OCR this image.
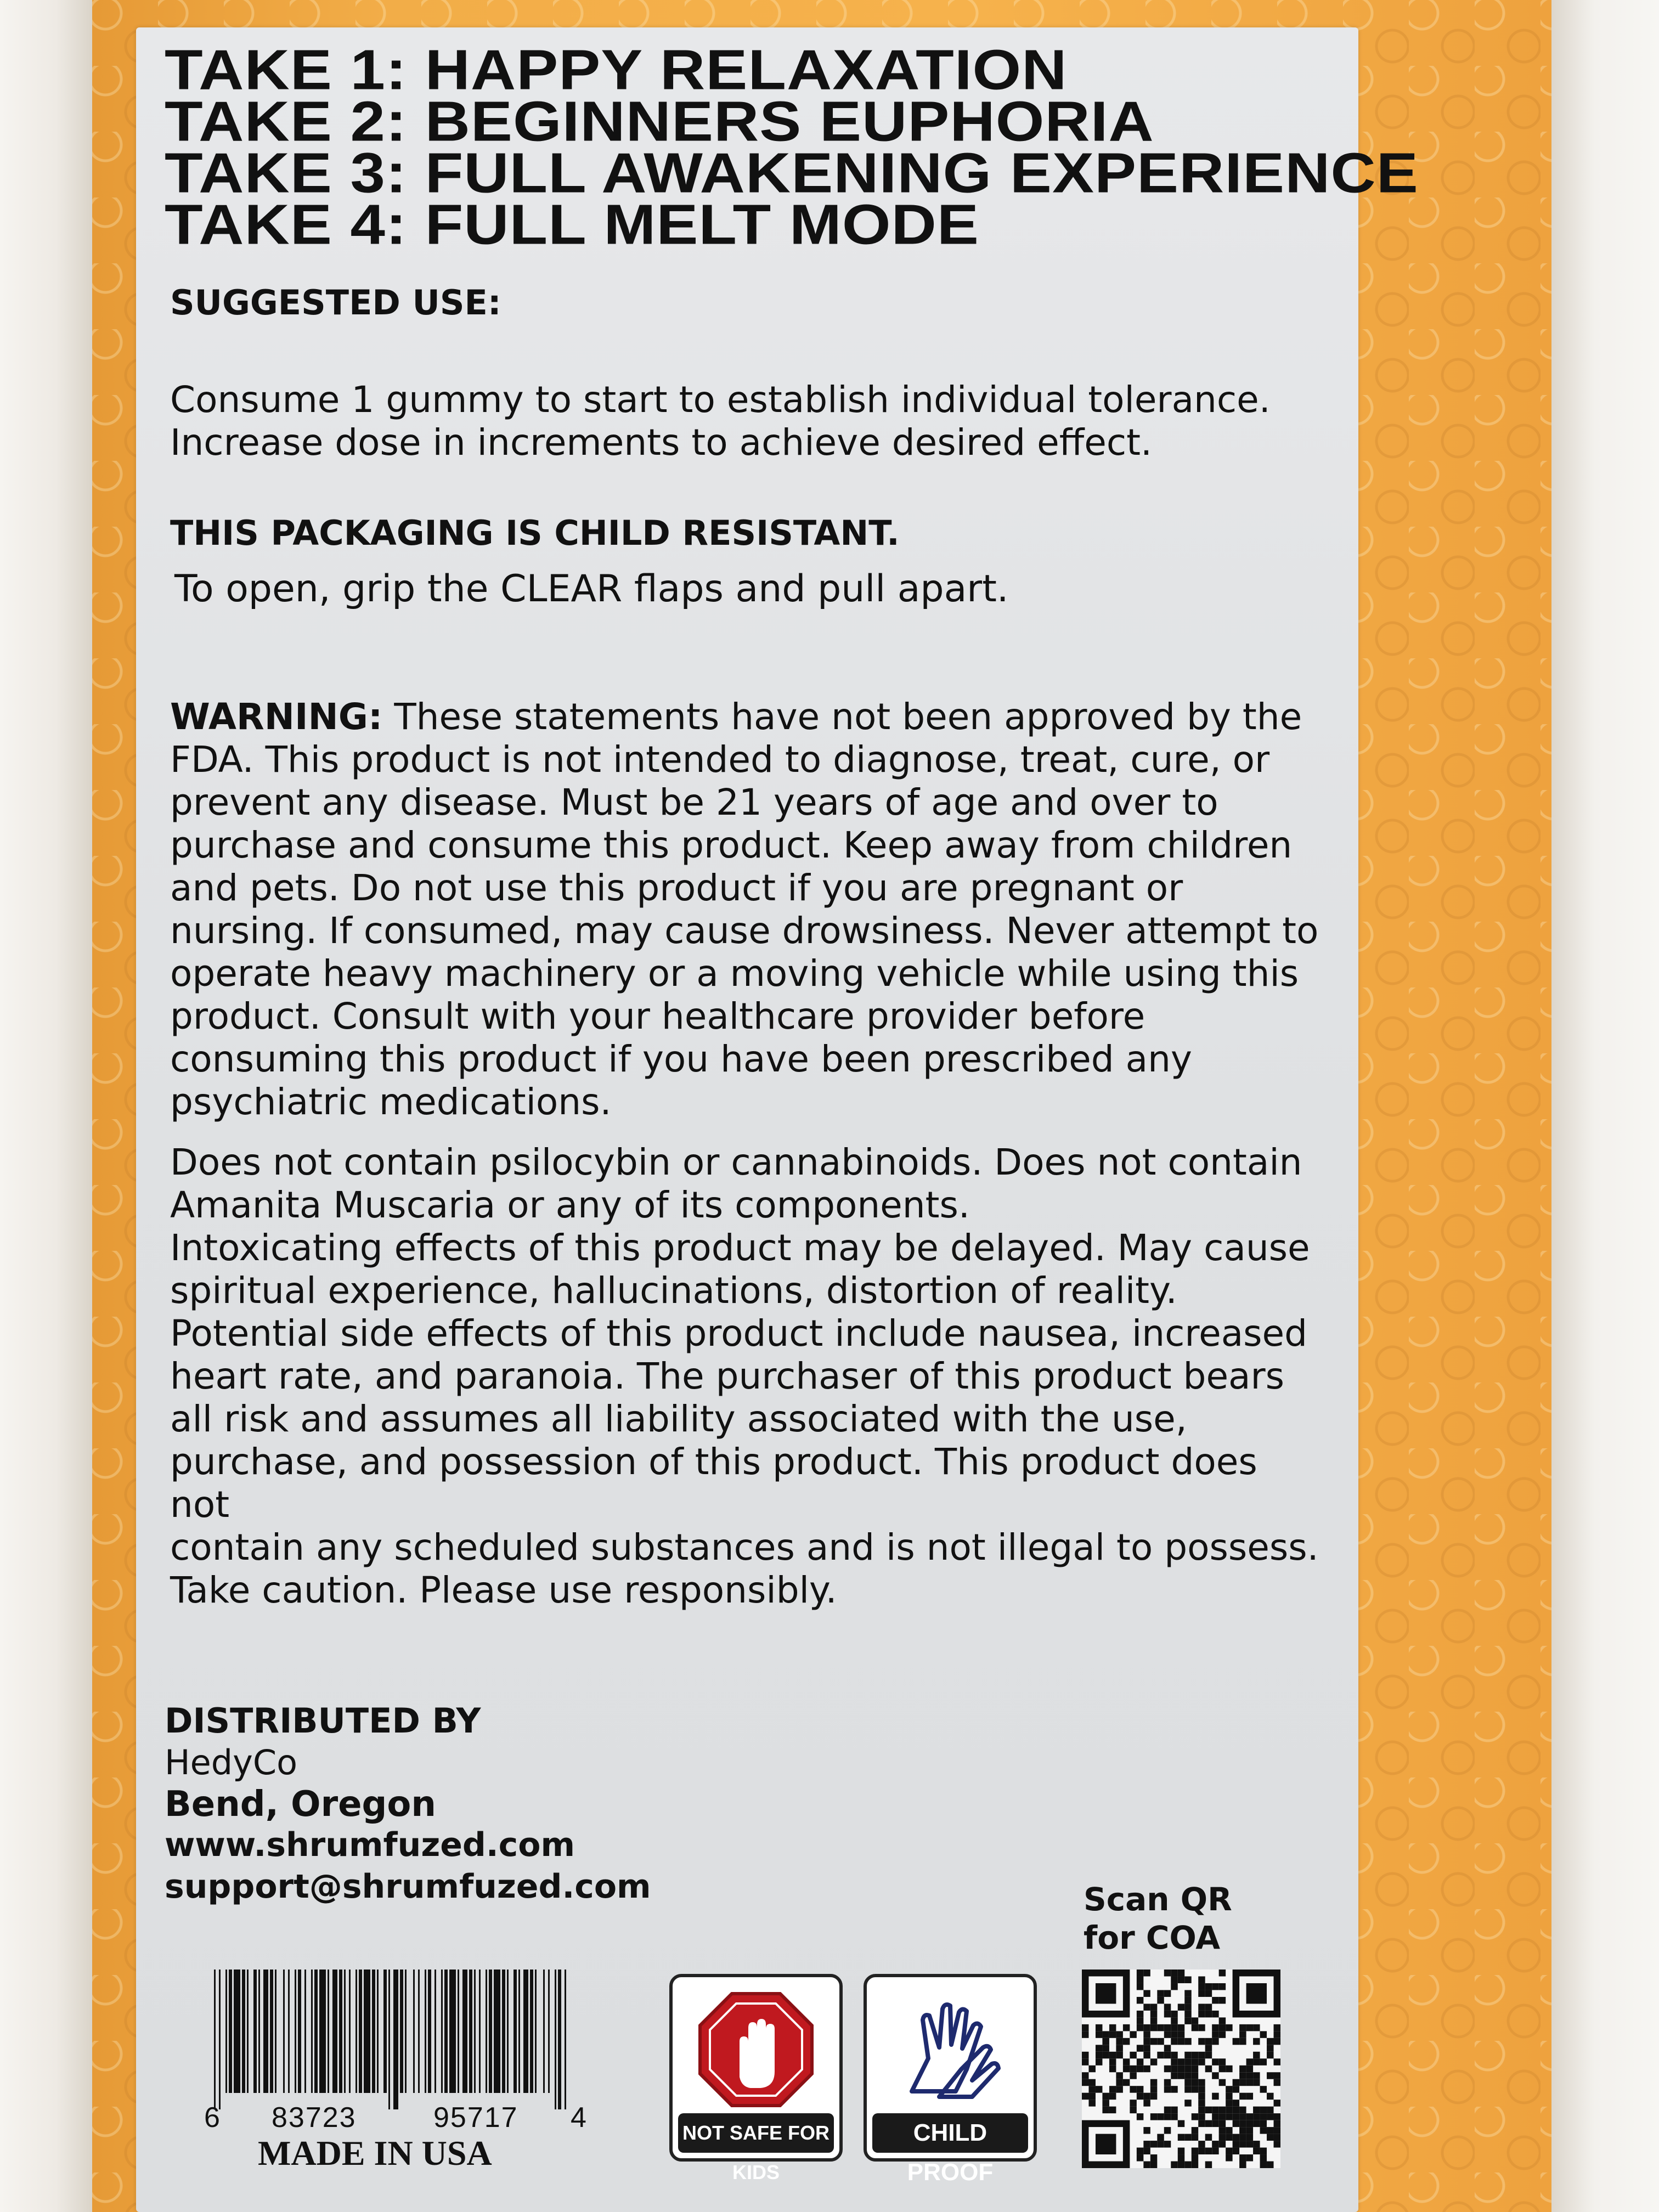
TAKE 1: HAPPY RELAXATION
TAKE 2: BEGINNERS EUPHORIA
TAKE 3: FULL AWAKENING EXPERIENCE
TAKE 4: FULL MELT MODE
SUGGESTED USE:
Consume 1 gummy to start to establish individual tolerance.
Increase dose in increments to achieve desired effect.
THIS PACKAGING IS CHILD RESISTANT.
To open, grip the CLEAR flaps and pull apart.

WARNING: These statements have not been approved by the
FDA. This product is not intended to diagnose, treat, cure, or
prevent any disease. Must be 21 years of age and over to
purchase and consume this product. Keep away from children
and pets. Do not use this product if you are pregnant or
nursing. If consumed, may cause drowsiness. Never attempt to
operate heavy machinery or a moving vehicle while using this
product. Consult with your healthcare provider before
consuming this product if you have been prescribed any
psychiatric medications.

Does not contain psilocybin or cannabinoids. Does not contain
Amanita Muscaria or any of its components.
Intoxicating effects of this product may be delayed. May cause
spiritual experience, hallucinations, distortion of reality.
Potential side effects of this product include nausea, increased
heart rate, and paranoia. The purchaser of this product bears
all risk and assumes all liability associated with the use,
purchase, and possession of this product. This product does not
contain any scheduled substances and is not illegal to possess.
Take caution. Please use responsibly.
DISTRIBUTED BY
HedyCo
Bend, Oregon
www.shrumfuzed.com
support@shrumfuzed.com
6 83723	95717 4
MADE IN USA
NOT SAFE FOR KIDS
CHILD PROOF
Scan QR
for COA
